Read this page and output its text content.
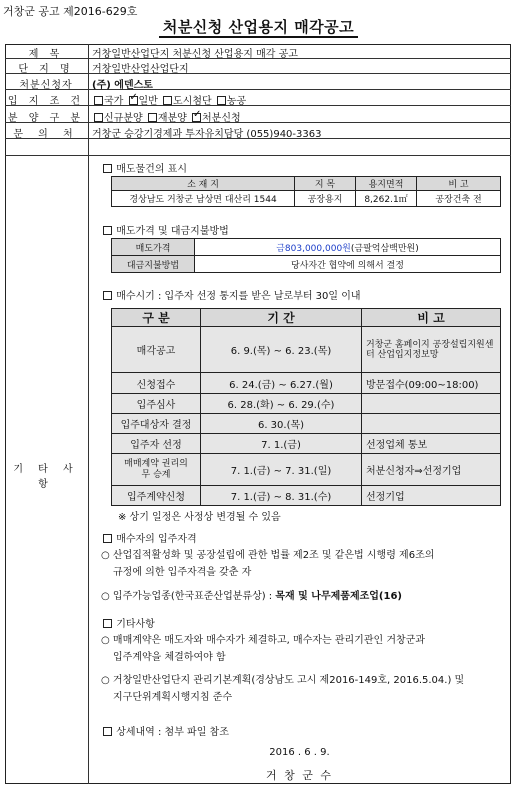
거창군 공고 제2016-629호
처분신청 산업용지 매각공고
제 목	거창일반산업단지 처분신청 산업용지 매각 공고
단 지 명	거창일반산업산업단지
처분신청자	(주) 에덴스토
입 지 조 건	국가 ✓ 일반 도시첨단 농공
분 양 구 분	신규분양 재분양 ✓ 처분신청
문 의 처	거창군 승강기경제과 투자유치담당 (055)940-3363
기 타 사 항
매도물건의 표시
소 재 지	지 목	용지면적	비 고
경상남도 거창군 남상면 대산리 1544	공장용지	8,262.1㎡	공장건축 전
매도가격 및 대금지불방법
매도가격	금803,000,000원(금팔억삼백만원)
대금지불방법	당사자간 협약에 의해서 결정
매수시기 : 입주자 선정 통지를 받은 날로부터 30일 이내
구 분	기 간	비 고
매각공고	6. 9.(목) ~ 6. 23.(목)	거창군 홈페이지 공장설립지원센터 산업입지정보망
신청접수	6. 24.(금) ~ 6.27.(월)	방문접수(09:00~18:00)
입주심사	6. 28.(화) ~ 6. 29.(수)	
입주대상자 결정	6. 30.(목)	
입주자 선정	7. 1.(금)	선정업체 통보
매매계약 권리의무 승계	7. 1.(금) ~ 7. 31.(일)	처분신청자⇒선정기업
입주계약신청	7. 1.(금) ~ 8. 31.(수)	선정기업
※ 상기 일정은 사정상 변경될 수 있음
매수자의 입주자격
○ 산업집적활성화 및 공장설립에 관한 법률 제2조 및 같은법 시행령 제6조의
규정에 의한 입주자격을 갖춘 자
○ 입주가능업종(한국표준산업분류상) : 목재 및 나무제품제조업(16)
기타사항
○ 매매계약은 매도자와 매수자가 체결하고, 매수자는 관리기관인 거창군과
입주계약을 체결하여야 함
○ 거창일반산업단지 관리기본계획(경상남도 고시 제2016-149호, 2016.5.04.) 및
지구단위계획시행지침 준수
상세내역 : 첨부 파일 참조
2016 . 6 . 9.
거 창 군 수
